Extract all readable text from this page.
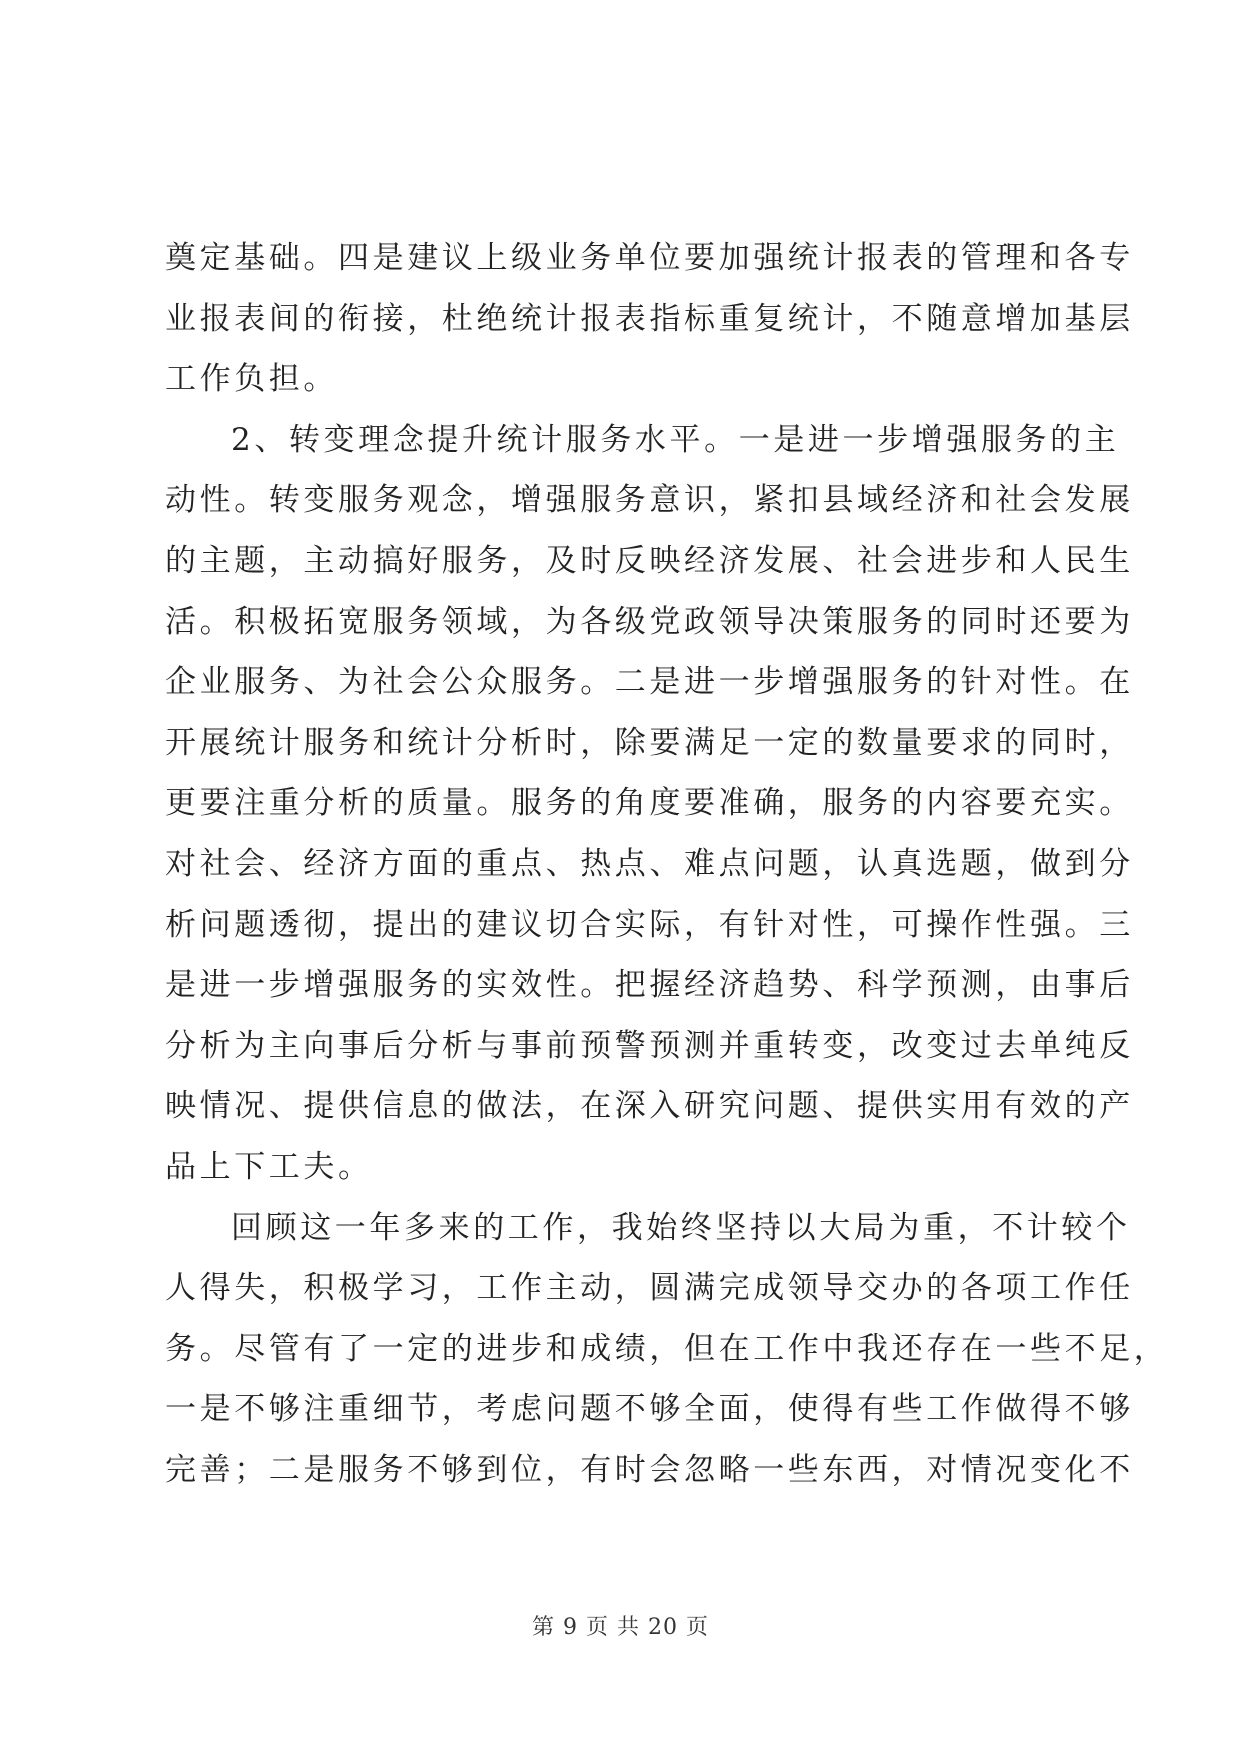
奠定基础。四是建议上级业务单位要加强统计报表的管理和各专
业报表间的衔接，杜绝统计报表指标重复统计，不随意增加基层
工作负担。
2、转变理念提升统计服务水平。一是进一步增强服务的主
动性。转变服务观念，增强服务意识，紧扣县域经济和社会发展
的主题，主动搞好服务，及时反映经济发展、社会进步和人民生
活。积极拓宽服务领域，为各级党政领导决策服务的同时还要为
企业服务、为社会公众服务。二是进一步增强服务的针对性。在
开展统计服务和统计分析时，除要满足一定的数量要求的同时，
更要注重分析的质量。服务的角度要准确，服务的内容要充实。
对社会、经济方面的重点、热点、难点问题，认真选题，做到分
析问题透彻，提出的建议切合实际，有针对性，可操作性强。三
是进一步增强服务的实效性。把握经济趋势、科学预测，由事后
分析为主向事后分析与事前预警预测并重转变，改变过去单纯反
映情况、提供信息的做法，在深入研究问题、提供实用有效的产
品上下工夫。
回顾这一年多来的工作，我始终坚持以大局为重，不计较个
人得失，积极学习，工作主动，圆满完成领导交办的各项工作任
务。尽管有了一定的进步和成绩，但在工作中我还存在一些不足，
一是不够注重细节，考虑问题不够全面，使得有些工作做得不够
完善；二是服务不够到位，有时会忽略一些东西，对情况变化不
第 9 页 共 20 页
